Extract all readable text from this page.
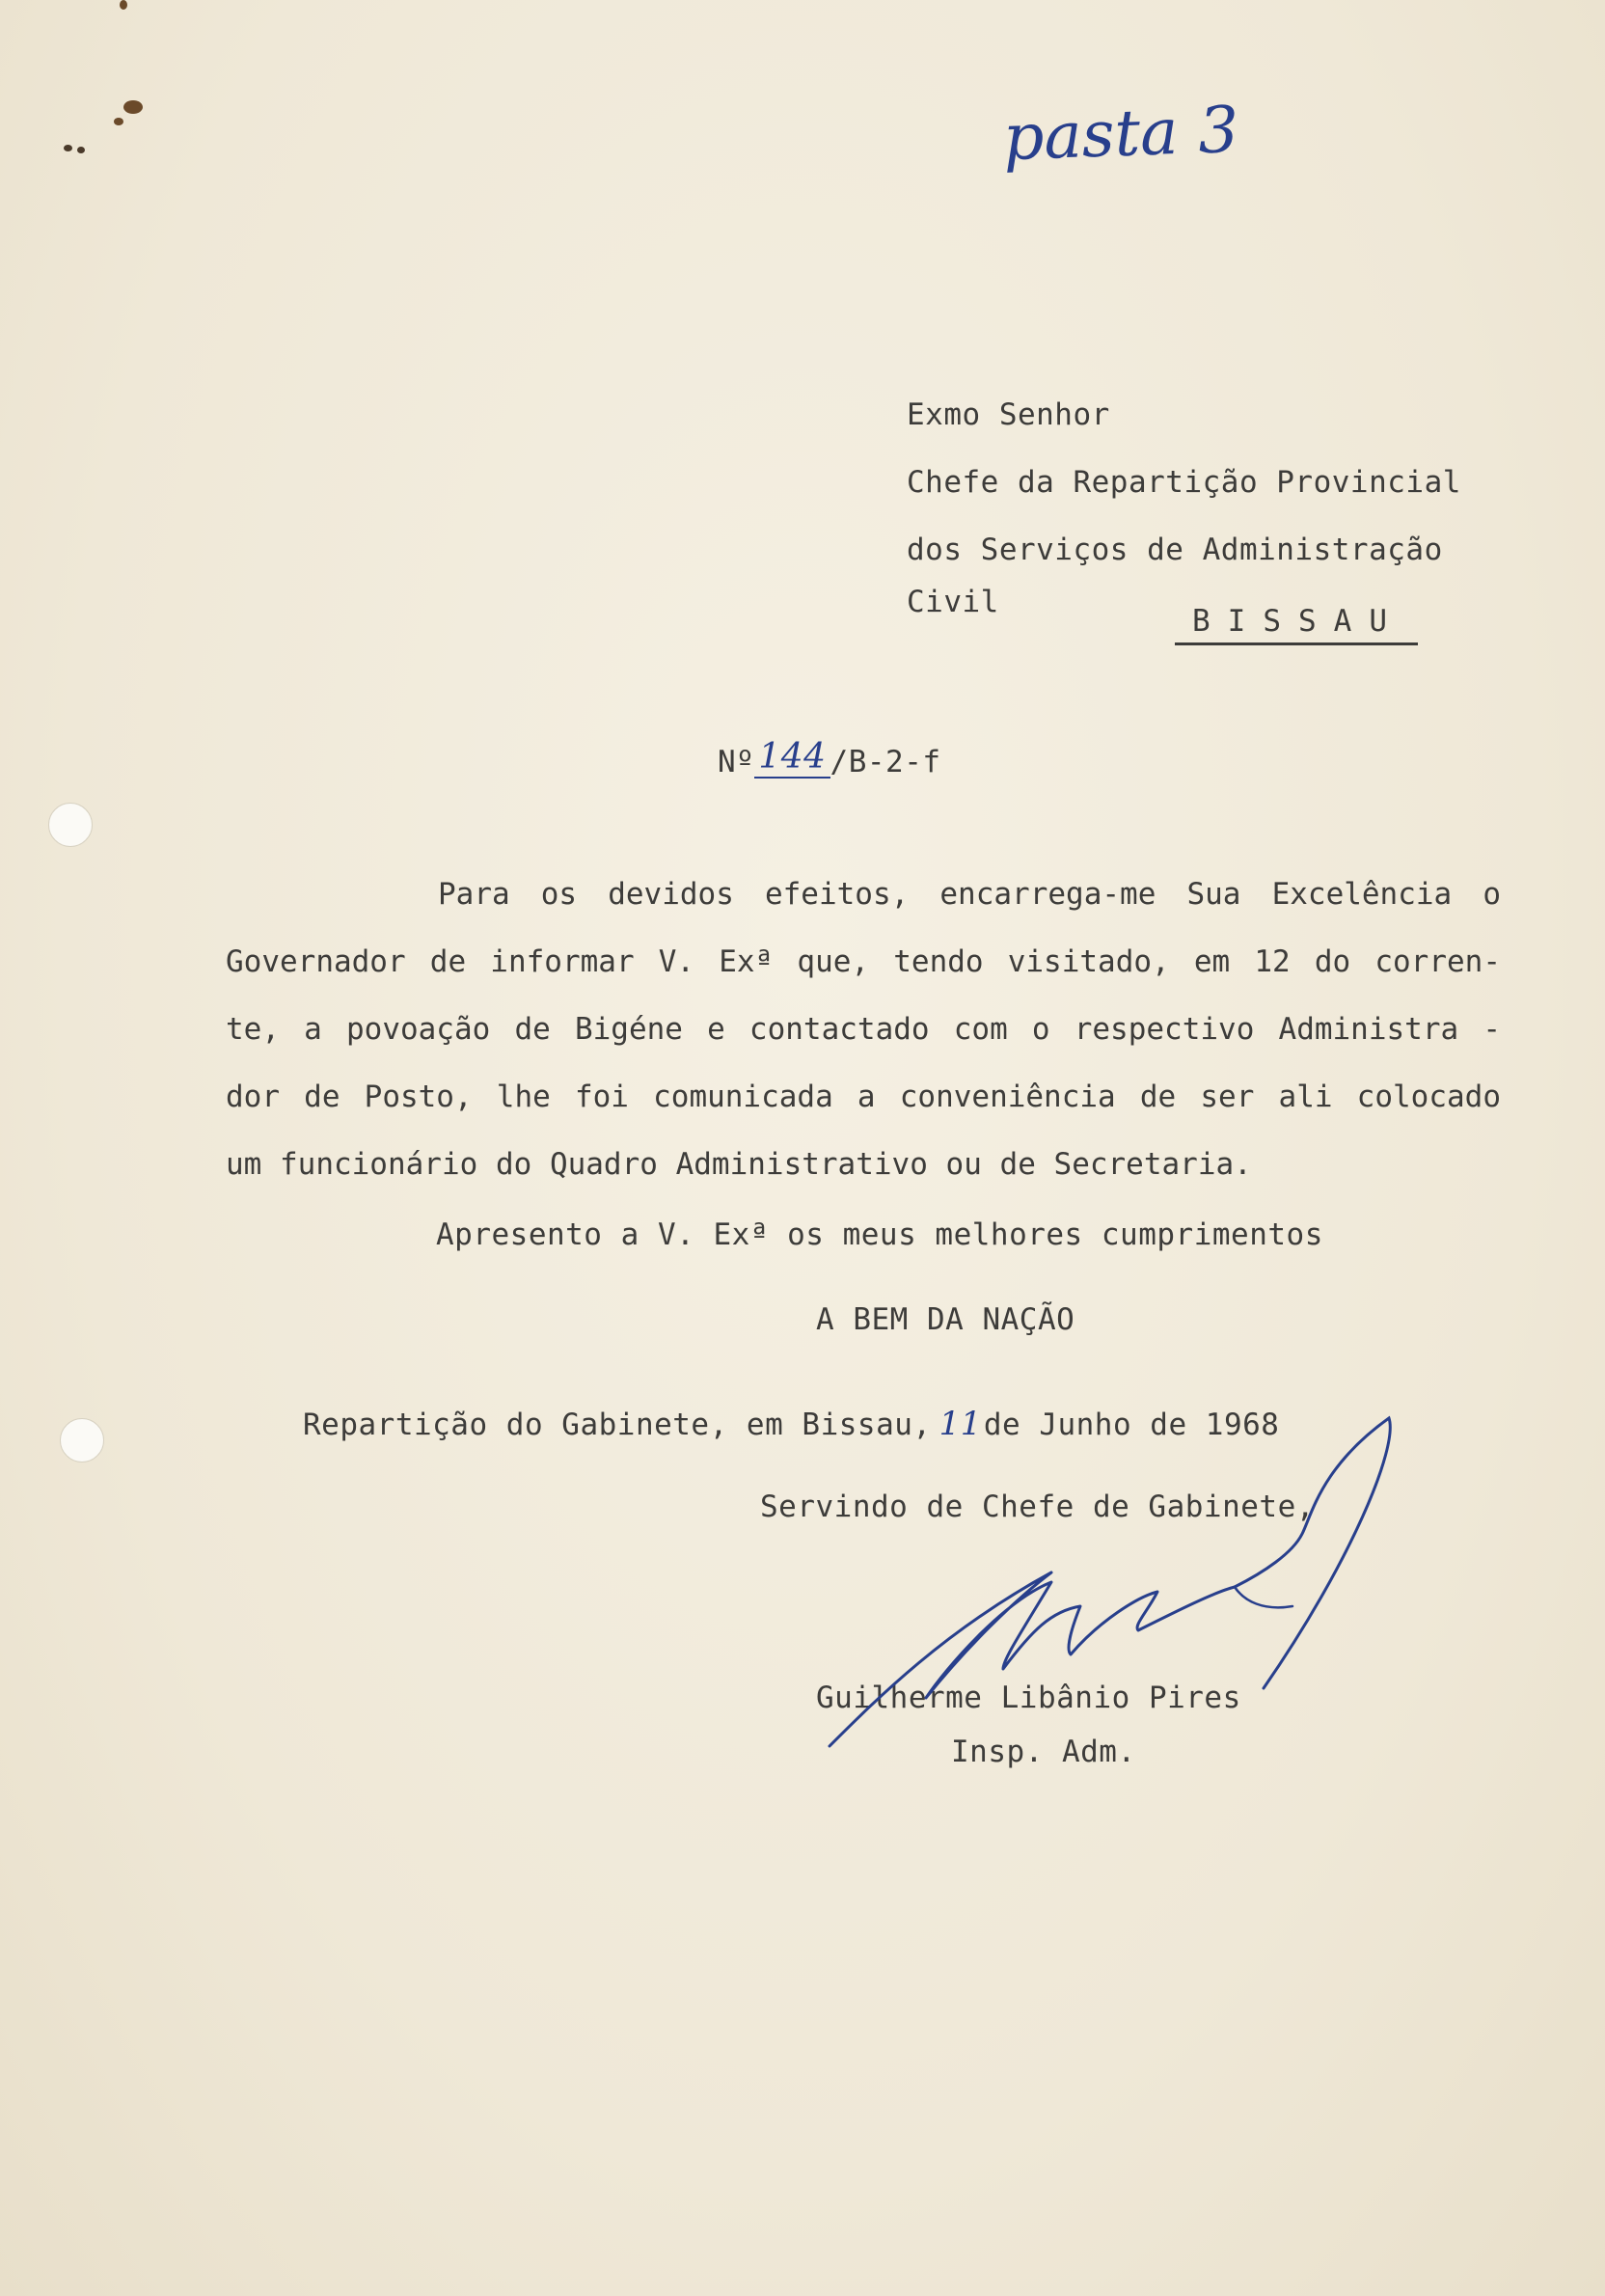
pasta 3
Exmo Senhor
Chefe da Repartição Provincial
dos Serviços de Administração
Civil
BISSAU
Nº 144 /B-2-f
Para os devidos efeitos, encarrega-me Sua Excelência o
Governador de informar V. Exª que, tendo visitado, em 12 do corren-
te, a povoação de Bigéne e contactado com o respectivo Administra -
dor de Posto, lhe foi comunicada a conveniência de ser ali colocado
um funcionário do Quadro Administrativo ou de Secretaria.
Apresento a V. Exª os meus melhores cumprimentos
A BEM DA NAÇÃO
Repartição do Gabinete, em Bissau, 11de Junho de 1968
Servindo de Chefe de Gabinete,
Guilherme Libânio Pires
Insp. Adm.
